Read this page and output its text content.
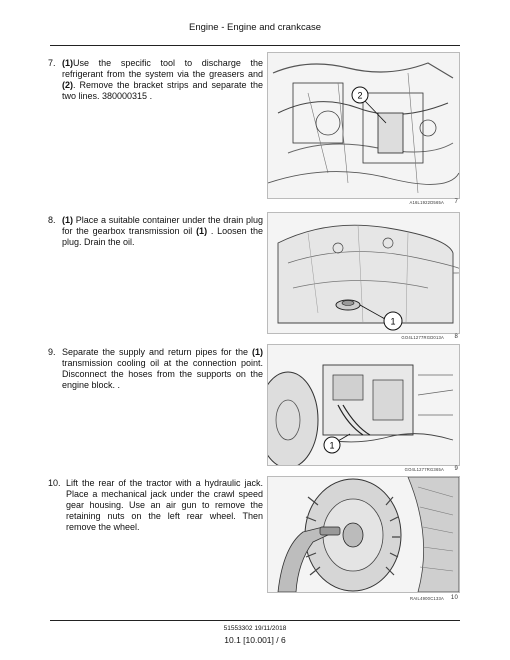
Engine - Engine and crankcase
7. (1)Use the specific tool to discharge the refrigerant from the system via the greasers and (2). Remove the bracket strips and separate the two lines. 380000315 .	2
A16L1922D565A 7
8. (1) Place a suitable container under the drain plug for the gearbox transmission oil (1) . Loosen the plug. Drain the oil.
1
GO4L1277RGD013A 8
9. Separate the supply and return pipes for the (1) transmission cooling oil at the connection point. Disconnect the hoses from the supports on the engine block. .
1
GO4L1277RG365A 9
10. Lift the rear of the tractor with a hydraulic jack. Place a mechanical jack under the crawl speed gear housing. Use an air gun to remove the retaining nuts on the left rear wheel. Then remove the wheel.
RAIL4900C133A 10
51553302 19/11/2018
10.1 [10.001] / 6
